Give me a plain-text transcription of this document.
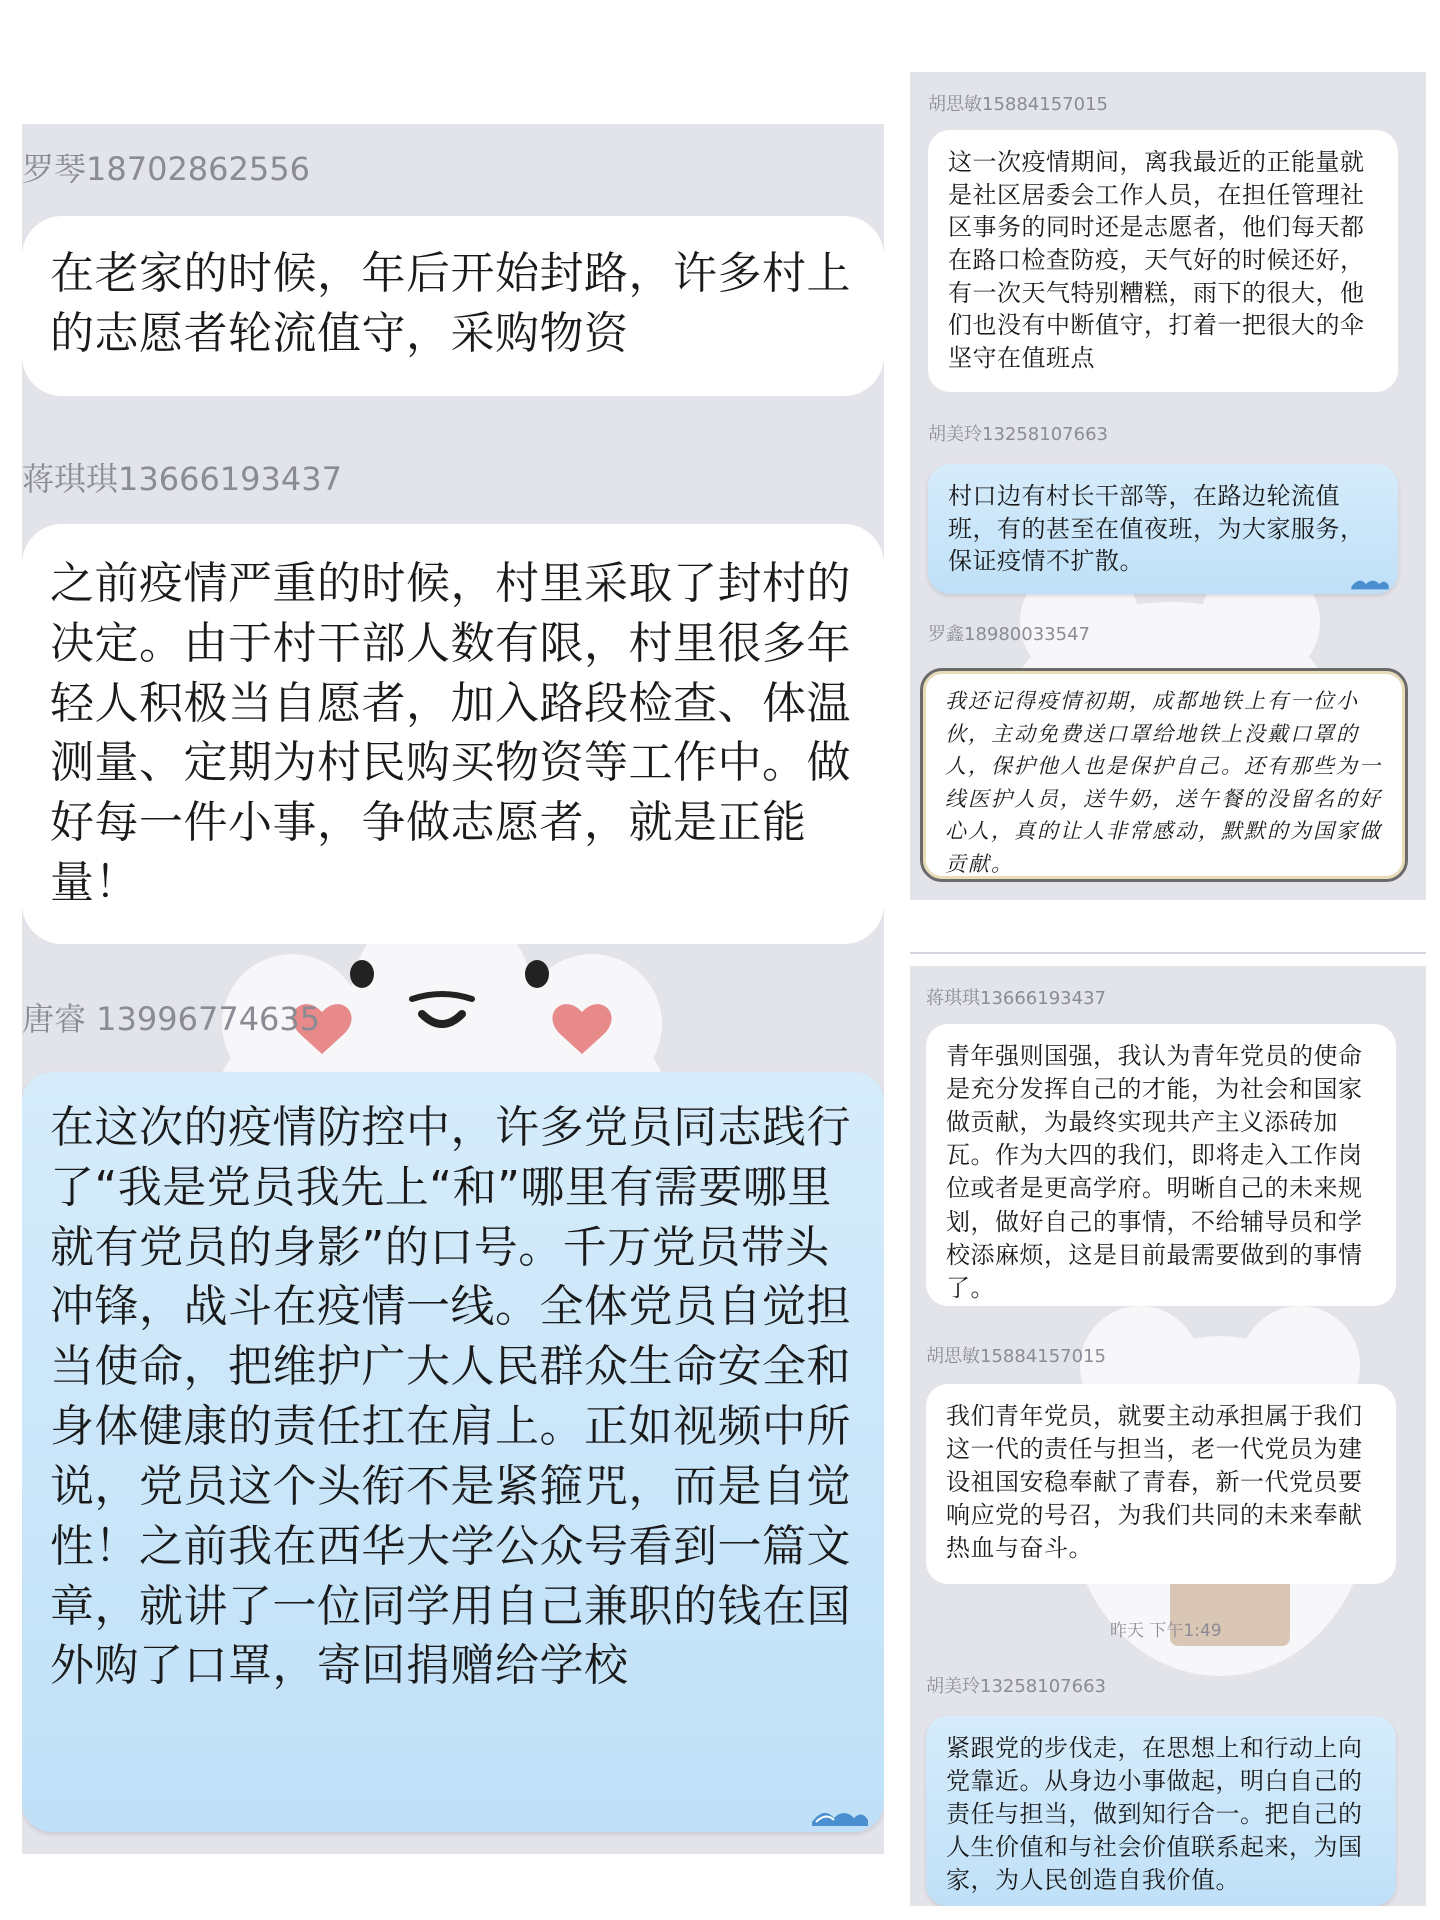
罗琴18702862556

在老家的时候，年后开始封路，许多村上的志愿者轮流值守，采购物资

蒋琪琪13666193437

之前疫情严重的时候，村里采取了封村的决定。由于村干部人数有限，村里很多年轻人积极当自愿者，加入路段检查、体温测量、定期为村民购买物资等工作中。做好每一件小事，争做志愿者，就是正能量！

唐睿 13996774635

在这次的疫情防控中，许多党员同志践行了“我是党员我先上“和”哪里有需要哪里就有党员的身影”的口号。千万党员带头冲锋，战斗在疫情一线。全体党员自觉担当使命，把维护广大人民群众生命安全和身体健康的责任扛在肩上。正如视频中所说，党员这个头衔不是紧箍咒，而是自觉性！之前我在西华大学公众号看到一篇文章，就讲了一位同学用自己兼职的钱在国外购了口罩，寄回捐赠给学校

胡思敏15884157015

这一次疫情期间，离我最近的正能量就是社区居委会工作人员，在担任管理社区事务的同时还是志愿者，他们每天都在路口检查防疫，天气好的时候还好，有一次天气特别糟糕，雨下的很大，他们也没有中断值守，打着一把很大的伞坚守在值班点

胡美玲13258107663

村口边有村长干部等，在路边轮流值班，有的甚至在值夜班，为大家服务，保证疫情不扩散。

罗鑫18980033547

我还记得疫情初期，成都地铁上有一位小伙，主动免费送口罩给地铁上没戴口罩的人，保护他人也是保护自己。还有那些为一线医护人员，送牛奶，送午餐的没留名的好心人，真的让人非常感动，默默的为国家做贡献。

蒋琪琪13666193437

青年强则国强，我认为青年党员的使命是充分发挥自己的才能，为社会和国家做贡献，为最终实现共产主义添砖加瓦。作为大四的我们，即将走入工作岗位或者是更高学府。明晰自己的未来规划，做好自己的事情，不给辅导员和学校添麻烦，这是目前最需要做到的事情了。

胡思敏15884157015

我们青年党员，就要主动承担属于我们这一代的责任与担当，老一代党员为建设祖国安稳奉献了青春，新一代党员要响应党的号召，为我们共同的未来奉献热血与奋斗。

昨天 下午1:49
胡美玲13258107663

紧跟党的步伐走，在思想上和行动上向党靠近。从身边小事做起，明白自己的责任与担当，做到知行合一。把自己的人生价值和与社会价值联系起来，为国家，为人民创造自我价值。
